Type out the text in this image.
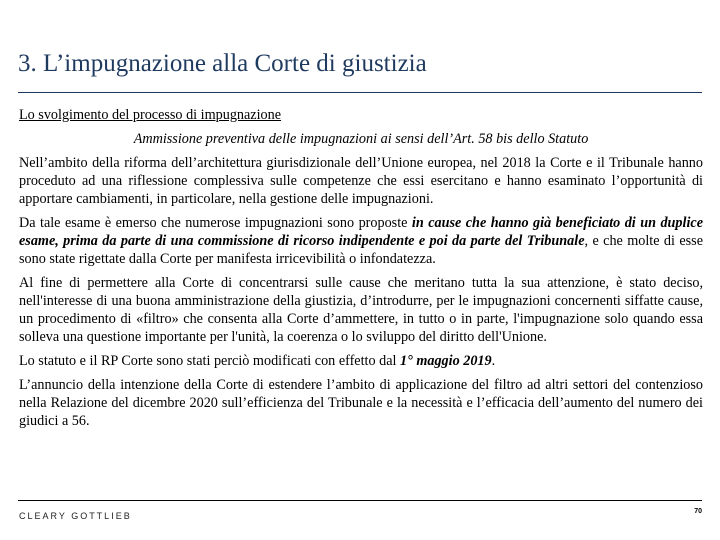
3. L’impugnazione alla Corte di giustizia
Lo svolgimento del processo di impugnazione
Ammissione preventiva delle impugnazioni ai sensi dell’Art. 58 bis dello Statuto

Nell’ambito della riforma dell’architettura giurisdizionale dell’Unione europea, nel 2018 la Corte e il Tribunale hanno proceduto ad una riflessione complessiva sulle competenze che essi esercitano e hanno esaminato l’opportunità di apportare cambiamenti, in particolare, nella gestione delle impugnazioni.

Da tale esame è emerso che numerose impugnazioni sono proposte in cause che hanno già beneficiato di un duplice esame, prima da parte di una commissione di ricorso indipendente e poi da parte del Tribunale, e che molte di esse sono state rigettate dalla Corte per manifesta irricevibilità o infondatezza.

Al fine di permettere alla Corte di concentrarsi sulle cause che meritano tutta la sua attenzione, è stato deciso, nell'interesse di una buona amministrazione della giustizia, d’introdurre, per le impugnazioni concernenti siffatte cause, un procedimento di «filtro» che consenta alla Corte d’ammettere, in tutto o in parte, l'impugnazione solo quando essa solleva una questione importante per l'unità, la coerenza o lo sviluppo del diritto dell'Unione.

Lo statuto e il RP Corte sono stati perciò modificati con effetto dal 1° maggio 2019.

L’annuncio della intenzione della Corte di estendere l’ambito di applicazione del filtro ad altri settori del contenzioso nella Relazione del dicembre 2020 sull’efficienza del Tribunale e la necessità e l’efficacia dell’aumento del numero dei giudici a 56.

CLEARY GOTTLIEB	70
